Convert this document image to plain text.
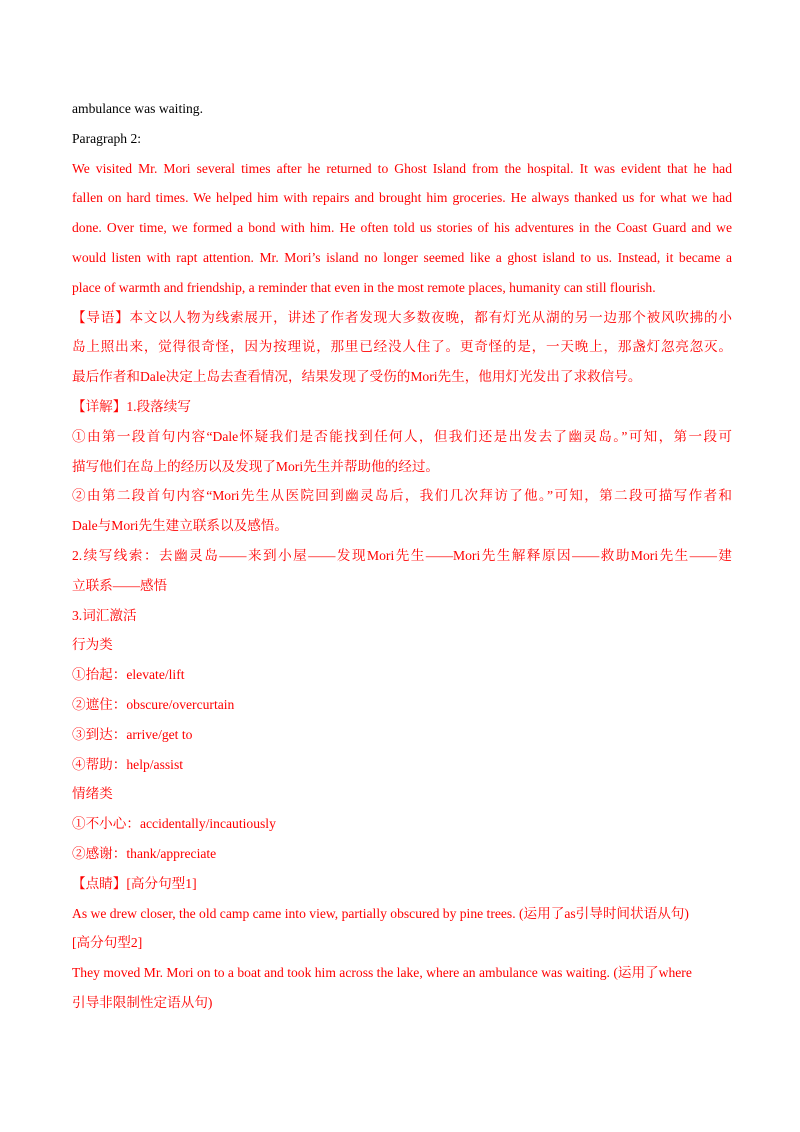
ambulance was waiting.
Paragraph 2:
We visited Mr. Mori several times after he returned to Ghost Island from the hospital. It was evident that he had
fallen on hard times. We helped him with repairs and brought him groceries. He always thanked us for what we had
done. Over time, we formed a bond with him. He often told us stories of his adventures in the Coast Guard and we
would listen with rapt attention. Mr. Mori’s island no longer seemed like a ghost island to us. Instead, it became a
place of warmth and friendship, a reminder that even in the most remote places, humanity can still flourish.
【导语】本文以人物为线索展开，讲述了作者发现大多数夜晚，都有灯光从湖的另一边那个被风吹拂的小
岛上照出来，觉得很奇怪，因为按理说，那里已经没人住了。更奇怪的是，一天晚上，那盏灯忽亮忽灭。
最后作者和Dale决定上岛去查看情况，结果发现了受伤的Mori先生，他用灯光发出了求救信号。
【详解】1.段落续写
①由第一段首句内容“Dale怀疑我们是否能找到任何人，但我们还是出发去了幽灵岛。”可知，第一段可
描写他们在岛上的经历以及发现了Mori先生并帮助他的经过。
②由第二段首句内容“Mori先生从医院回到幽灵岛后，我们几次拜访了他。”可知，第二段可描写作者和
Dale与Mori先生建立联系以及感悟。
2.续写线索：去幽灵岛——来到小屋——发现Mori先生——Mori先生解释原因——救助Mori先生——建
立联系——感悟
3.词汇激活
行为类
①抬起：elevate/lift
②遮住：obscure/overcurtain
③到达：arrive/get to
④帮助：help/assist
情绪类
①不小心：accidentally/incautiously
②感谢：thank/appreciate
【点睛】[高分句型1]
As we drew closer, the old camp came into view, partially obscured by pine trees. (运用了as引导时间状语从句)
[高分句型2]
They moved Mr. Mori on to a boat and took him across the lake, where an ambulance was waiting. (运用了where
引导非限制性定语从句)
